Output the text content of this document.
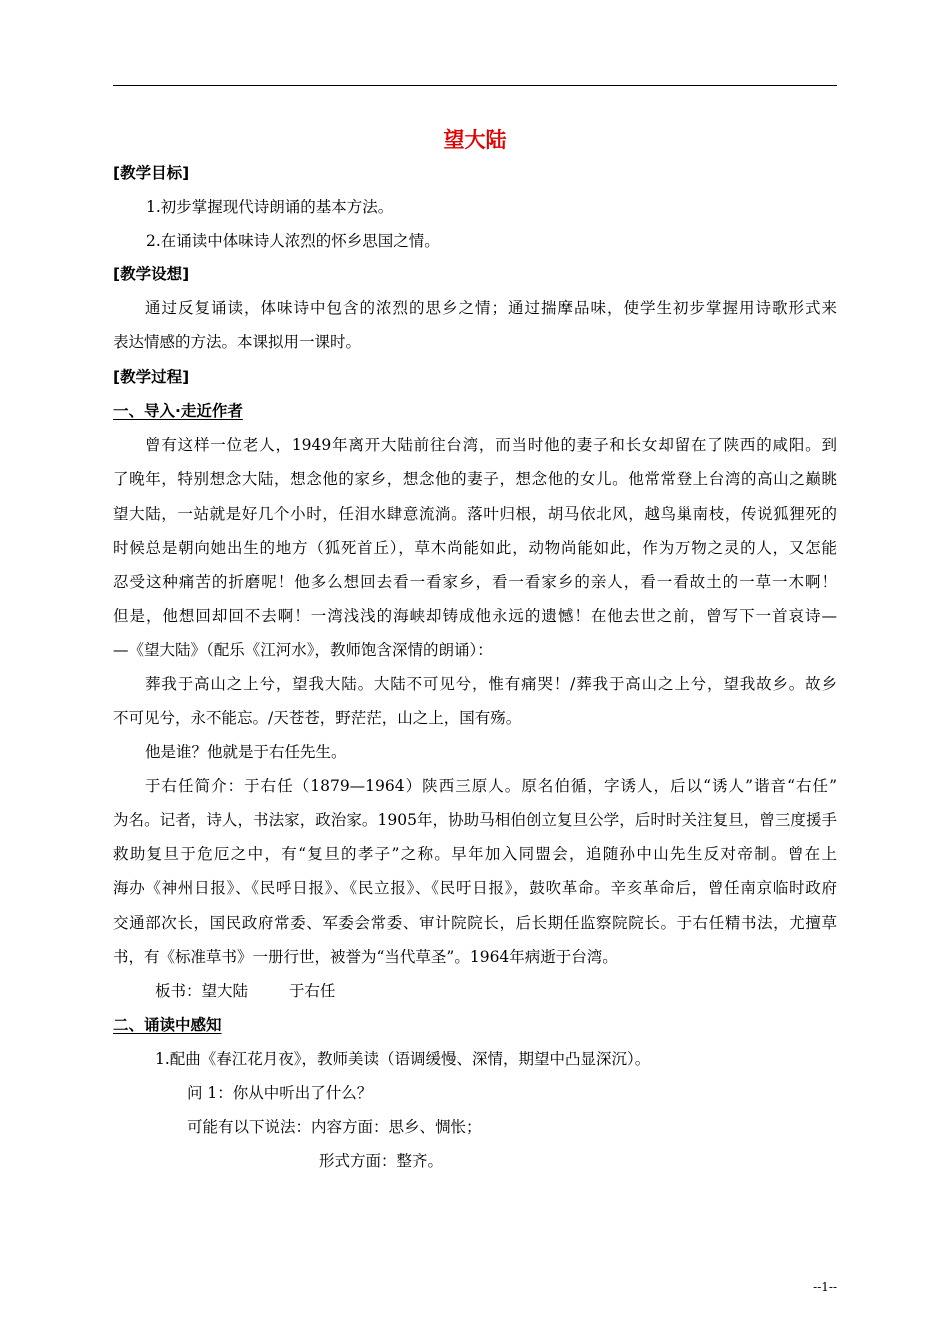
望大陆
[教学目标]
1.初步掌握现代诗朗诵的基本方法。
2.在诵读中体味诗人浓烈的怀乡思国之情。
[教学设想]
通过反复诵读，体味诗中包含的浓烈的思乡之情；通过揣摩品味，使学生初步掌握用诗歌形式来
表达情感的方法。本课拟用一课时。
[教学过程]
一、导入·走近作者
曾有这样一位老人，1949年离开大陆前往台湾，而当时他的妻子和长女却留在了陕西的咸阳。到
了晚年，特别想念大陆，想念他的家乡，想念他的妻子，想念他的女儿。他常常登上台湾的高山之巅眺
望大陆，一站就是好几个小时，任泪水肆意流淌。落叶归根，胡马依北风，越鸟巢南枝，传说狐狸死的
时候总是朝向她出生的地方（狐死首丘），草木尚能如此，动物尚能如此，作为万物之灵的人，又怎能
忍受这种痛苦的折磨呢！他多么想回去看一看家乡，看一看家乡的亲人，看一看故土的一草一木啊！
但是，他想回却回不去啊！一湾浅浅的海峡却铸成他永远的遗憾！在他去世之前，曾写下一首哀诗—
—《望大陆》（配乐《江河水》，教师饱含深情的朗诵）：
葬我于高山之上兮，望我大陆。大陆不可见兮，惟有痛哭！/葬我于高山之上兮，望我故乡。故乡
不可见兮，永不能忘。/天苍苍，野茫茫，山之上，国有殇。
他是谁？他就是于右任先生。
于右任简介：于右任（1879—1964）陕西三原人。原名伯循，字诱人，后以“诱人”谐音“右任”
为名。记者，诗人，书法家，政治家。1905年，协助马相伯创立复旦公学，后时时关注复旦，曾三度援手
救助复旦于危厄之中，有“复旦的孝子”之称。早年加入同盟会，追随孙中山先生反对帝制。曾在上
海办《神州日报》、《民呼日报》、《民立报》、《民吁日报》，鼓吹革命。辛亥革命后，曾任南京临时政府
交通部次长，国民政府常委、军委会常委、审计院院长，后长期任监察院院长。于右任精书法，尤擅草
书，有《标准草书》一册行世，被誉为“当代草圣”。1964年病逝于台湾。
板书：望大陆	于右任
二、诵读中感知
1.配曲《春江花月夜》，教师美读（语调缓慢、深情，期望中凸显深沉）。
问 1：你从中听出了什么？
可能有以下说法：内容方面：思乡、惆怅；
形式方面：整齐。
--1--
